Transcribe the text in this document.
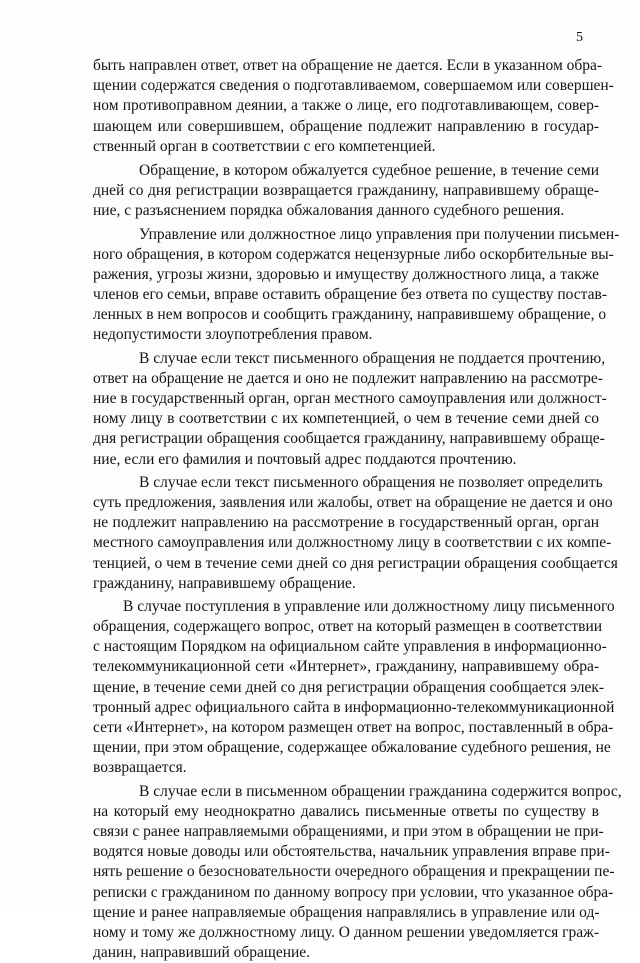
5
быть направлен ответ, ответ на обращение не дается. Если в указанном обра-
щении содержатся сведения о подготавливаемом, совершаемом или совершен-
ном противоправном деянии, а также о лице, его подготавливающем, совер-
шающем или совершившем, обращение подлежит направлению в государ-
ственный орган в соответствии с его компетенцией.
Обращение, в котором обжалуется судебное решение, в течение семи
дней со дня регистрации возвращается гражданину, направившему обраще-
ние, с разъяснением порядка обжалования данного судебного решения.
Управление или должностное лицо управления при получении письмен-
ного обращения, в котором содержатся нецензурные либо оскорбительные вы-
ражения, угрозы жизни, здоровью и имуществу должностного лица, а также
членов его семьи, вправе оставить обращение без ответа по существу постав-
ленных в нем вопросов и сообщить гражданину, направившему обращение, о
недопустимости злоупотребления правом.
В случае если текст письменного обращения не поддается прочтению,
ответ на обращение не дается и оно не подлежит направлению на рассмотре-
ние в государственный орган, орган местного самоуправления или должност-
ному лицу в соответствии с их компетенцией, о чем в течение семи дней со
дня регистрации обращения сообщается гражданину, направившему обраще-
ние, если его фамилия и почтовый адрес поддаются прочтению.
В случае если текст письменного обращения не позволяет определить
суть предложения, заявления или жалобы, ответ на обращение не дается и оно
не подлежит направлению на рассмотрение в государственный орган, орган
местного самоуправления или должностному лицу в соответствии с их компе-
тенцией, о чем в течение семи дней со дня регистрации обращения сообщается
гражданину, направившему обращение.
В случае поступления в управление или должностному лицу письменного
обращения, содержащего вопрос, ответ на который размещен в соответствии
с настоящим Порядком на официальном сайте управления в информационно-
телекоммуникационной сети «Интернет», гражданину, направившему обра-
щение, в течение семи дней со дня регистрации обращения сообщается элек-
тронный адрес официального сайта в информационно-телекоммуникационной
сети «Интернет», на котором размещен ответ на вопрос, поставленный в обра-
щении, при этом обращение, содержащее обжалование судебного решения, не
возвращается.
В случае если в письменном обращении гражданина содержится вопрос,
на который ему неоднократно давались письменные ответы по существу в
связи с ранее направляемыми обращениями, и при этом в обращении не при-
водятся новые доводы или обстоятельства, начальник управления вправе при-
нять решение о безосновательности очередного обращения и прекращении пе-
реписки с гражданином по данному вопросу при условии, что указанное обра-
щение и ранее направляемые обращения направлялись в управление или од-
ному и тому же должностному лицу. О данном решении уведомляется граж-
данин, направивший обращение.
